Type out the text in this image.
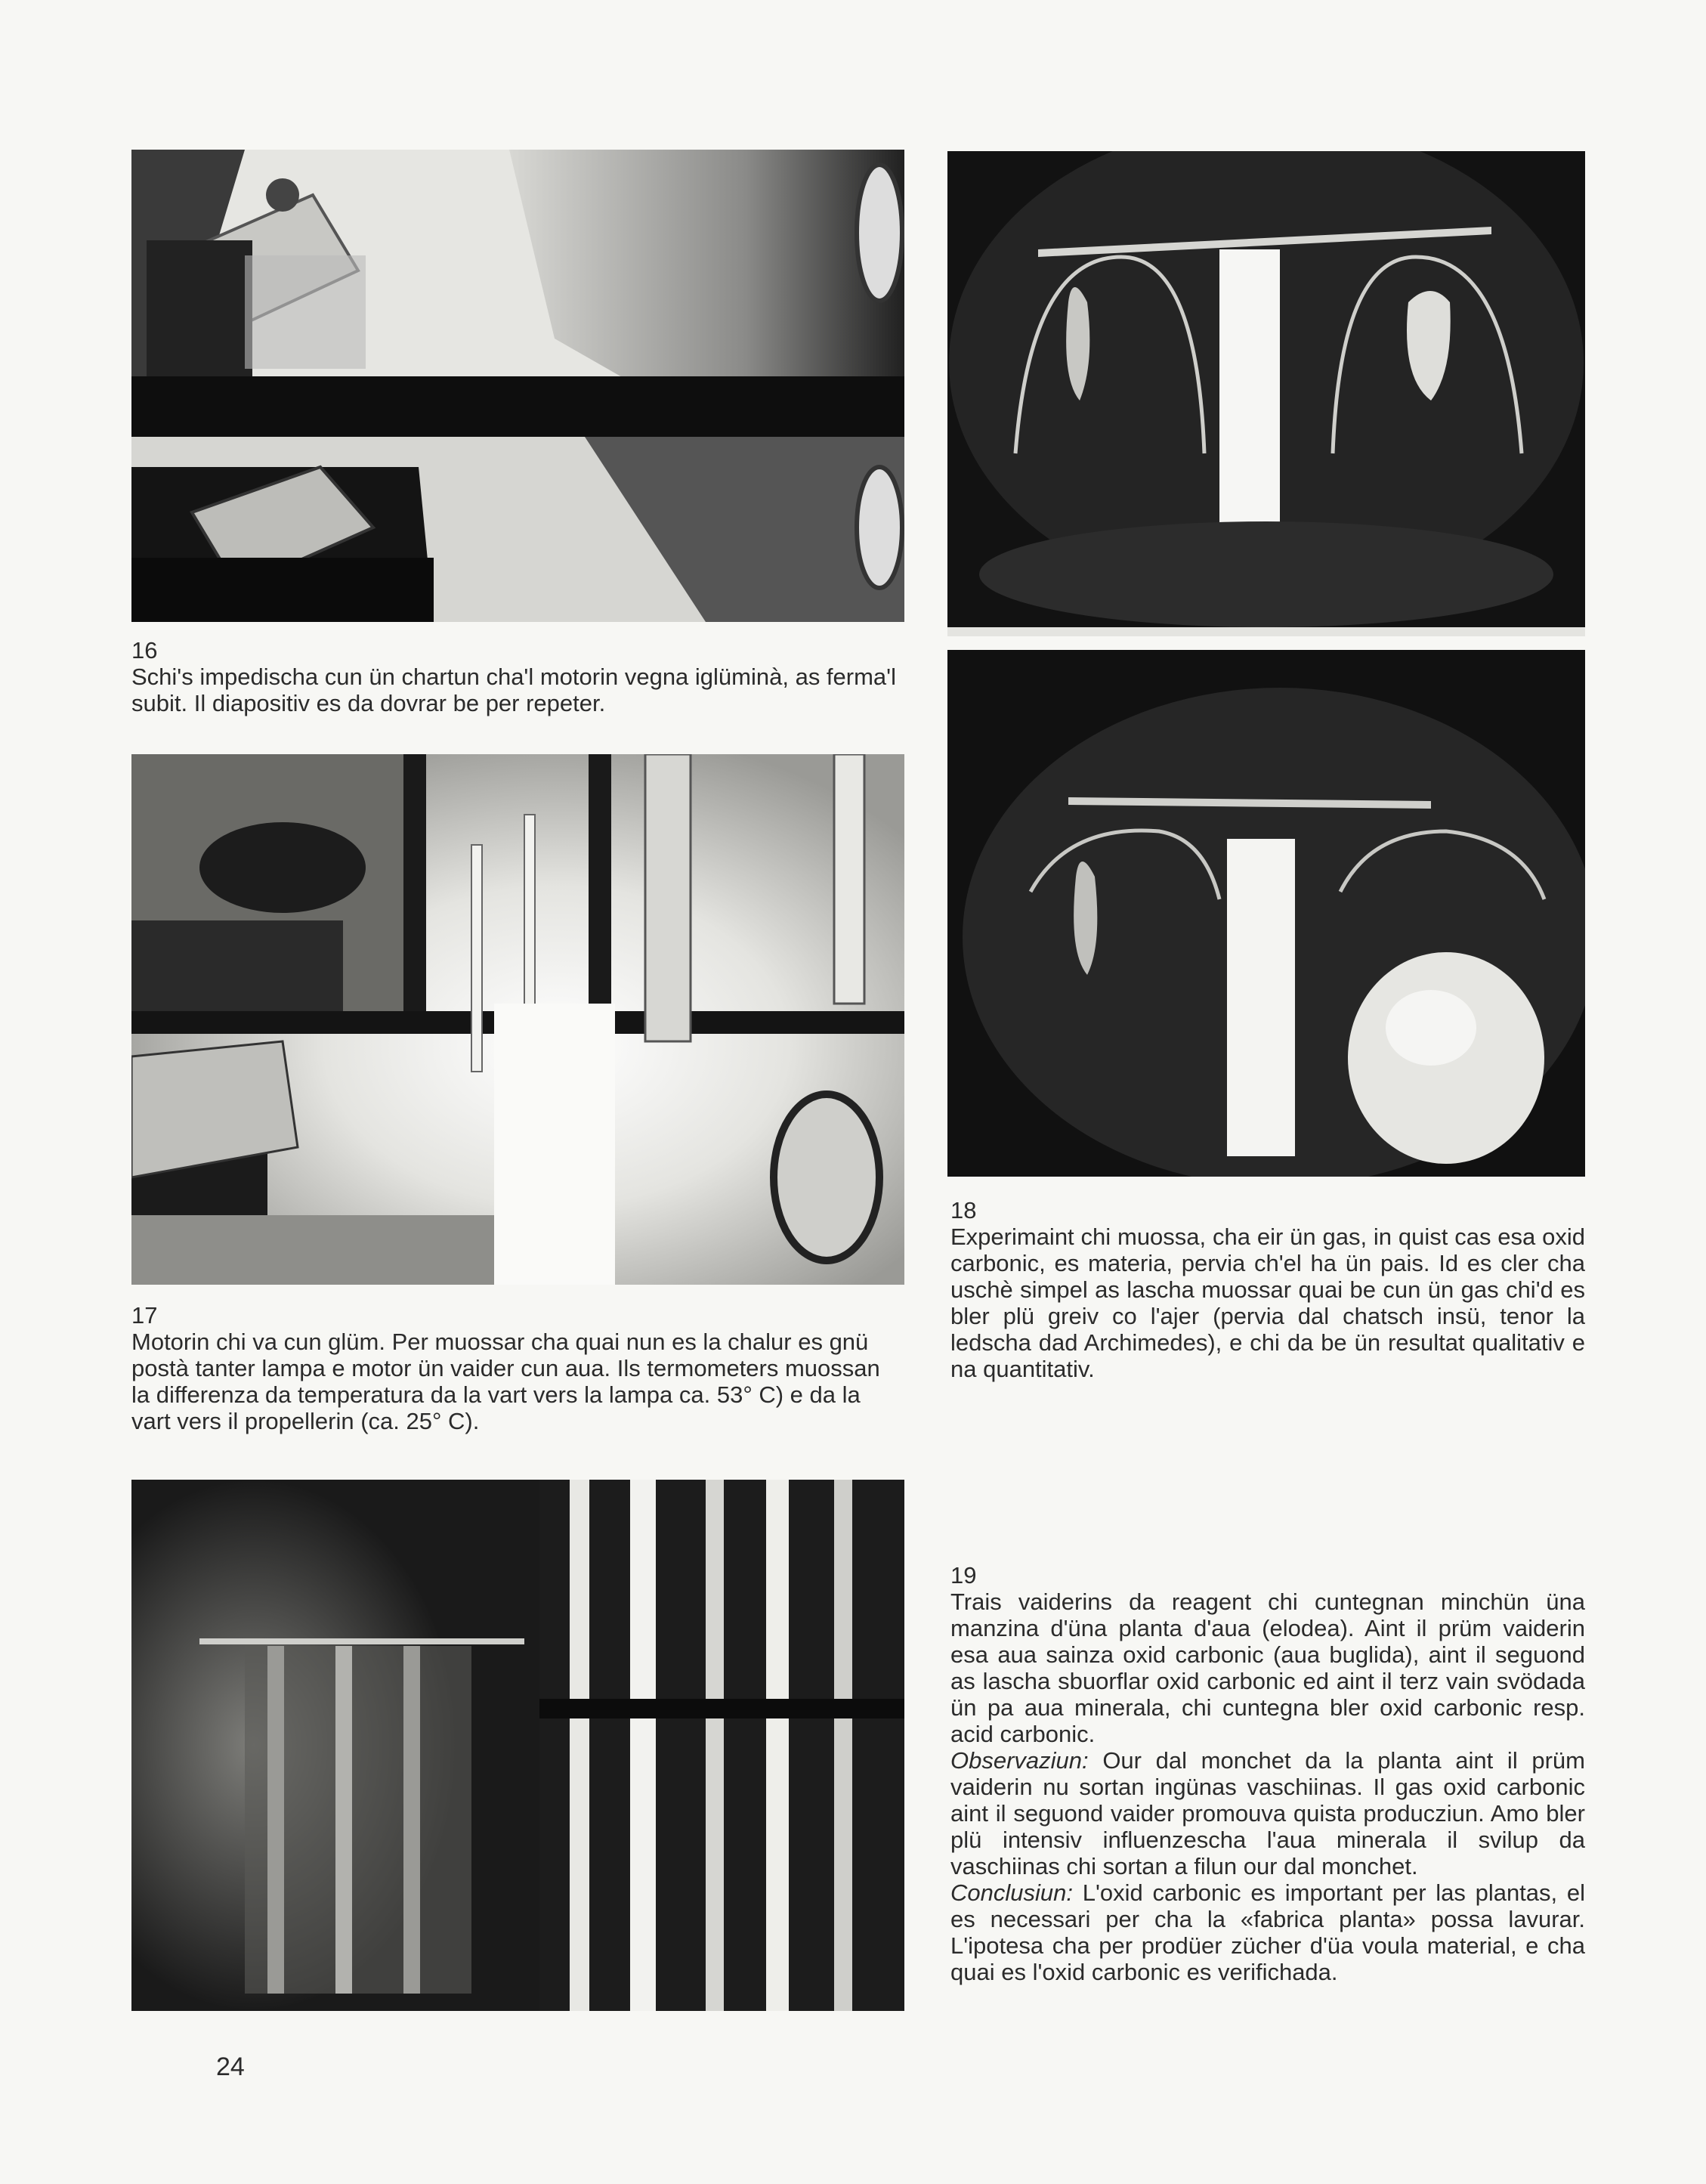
16

Schi's impedischa cun ün chartun cha'l motorin vegna iglüminà, as ferma'l subit. Il diapositiv es da dovrar be per repeter.

17

Motorin chi va cun glüm. Per muossar cha quai nun es la chalur es gnü postà tanter lampa e motor ün vaider cun aua. Ils termometers muossan la differenza da temperatura da la vart vers la lampa ca. 53° C) e da la vart vers il propellerin (ca. 25° C).

18

Experimaint chi muossa, cha eir ün gas, in quist cas esa oxid carbonic, es materia, pervia ch'el ha ün pais. Id es cler cha uschè simpel as lascha muossar quai be cun ün gas chi'd es bler plü greiv co l'ajer (pervia dal chatsch insü, tenor la ledscha dad Archimedes), e chi da be ün resultat qualitativ e na quantitativ.

19

Trais vaiderins da reagent chi cuntegnan minchün üna manzina d'üna planta d'aua (elodea). Aint il prüm vaiderin esa aua sainza oxid carbonic (aua buglida), aint il seguond as lascha sbuorflar oxid carbonic ed aint il terz vain svödada ün pa aua minerala, chi cuntegna bler oxid carbonic resp. acid carbonic.

Observaziun: Our dal monchet da la planta aint il prüm vaiderin nu sortan ingünas vaschiinas. Il gas oxid carbonic aint il seguond vaider promouva quista producziun. Amo bler plü intensiv influenzescha l'aua minerala il svilup da vaschiinas chi sortan a filun our dal monchet.

Conclusiun: L'oxid carbonic es important per las plantas, el es necessari per cha la «fabrica planta» possa lavurar. L'ipotesa cha per prodüer zücher d'üa voula material, e cha quai es l'oxid carbonic es verifichada.

24
